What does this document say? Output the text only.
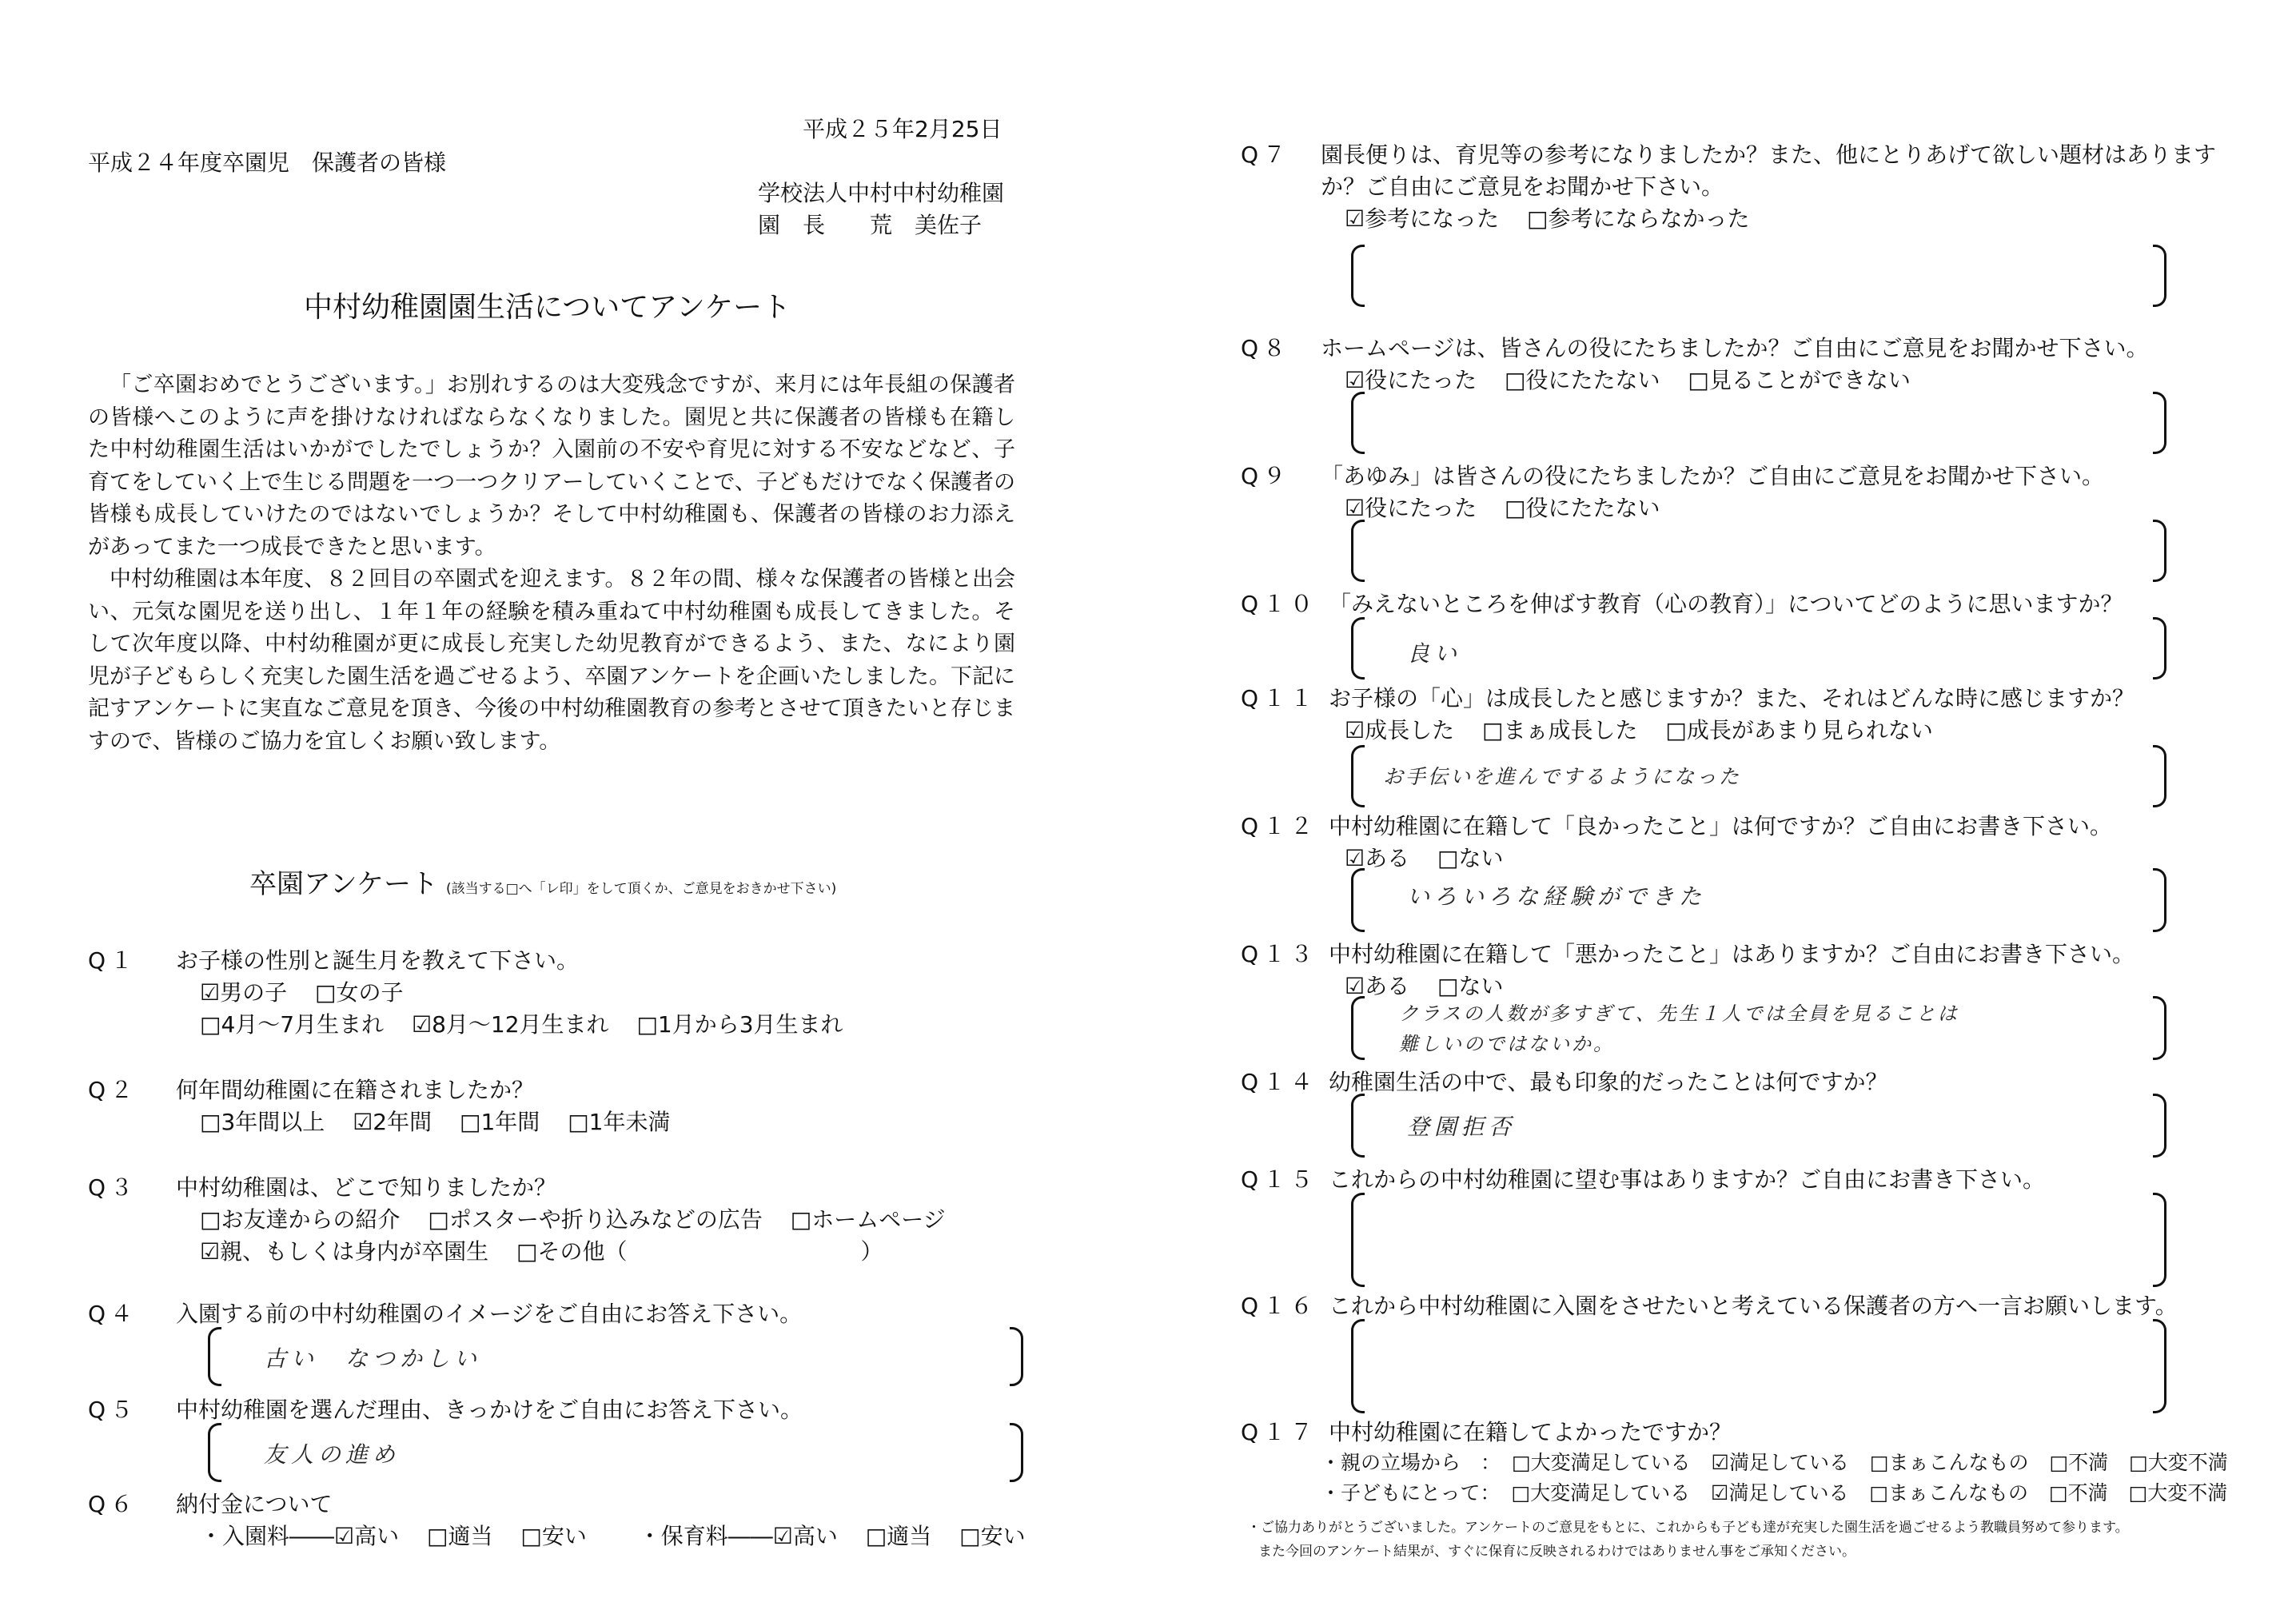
平成２５年2月25日
平成２４年度卒園児　保護者の皆様
学校法人中村中村幼稚園
園　長　　荒　美佐子
中村幼稚園園生活についてアンケート

「ご卒園おめでとうございます。」お別れするのは大変残念ですが、来月には年長組の保護者の皆様へこのように声を掛けなければならなくなりました。園児と共に保護者の皆様も在籍した中村幼稚園生活はいかがでしたでしょうか？入園前の不安や育児に対する不安などなど、子育てをしていく上で生じる問題を一つ一つクリアーしていくことで、子どもだけでなく保護者の皆様も成長していけたのではないでしょうか？そして中村幼稚園も、保護者の皆様のお力添えがあってまた一つ成長できたと思います。

中村幼稚園は本年度、８２回目の卒園式を迎えます。８２年の間、様々な保護者の皆様と出会い、元気な園児を送り出し、１年１年の経験を積み重ねて中村幼稚園も成長してきました。そして次年度以降、中村幼稚園が更に成長し充実した幼児教育ができるよう、また、なにより園児が子どもらしく充実した園生活を過ごせるよう、卒園アンケートを企画いたしました。下記に記すアンケートに実直なご意見を頂き、今後の中村幼稚園教育の参考とさせて頂きたいと存じますので、皆様のご協力を宜しくお願い致します。

卒園アンケート (該当する□へ「レ印」をして頂くか、ご意見をおきかせ下さい)
Q１ お子様の性別と誕生月を教えて下さい。
☑男の子 □女の子
□4月～7月生まれ ☑8月～12月生まれ □1月から3月生まれ
Q２ 何年間幼稚園に在籍されましたか？
□3年間以上 ☑2年間 □1年間 □1年未満
Q３ 中村幼稚園は、どこで知りましたか？
□お友達からの紹介 □ポスターや折り込みなどの広告 □ホームページ
☑親、もしくは身内が卒園生 □その他（	）
Q４ 入園する前の中村幼稚園のイメージをご自由にお答え下さい。
古い　なつかしい
Q５ 中村幼稚園を選んだ理由、きっかけをご自由にお答え下さい。
友人の進め
Q６ 納付金について
・入園料――☑高い □適当 □安い ・保育料――☑高い □適当 □安い
Q７ 園長便りは、育児等の参考になりましたか？また、他にとりあげて欲しい題材はあります
か？ご自由にご意見をお聞かせ下さい。
☑参考になった □参考にならなかった
Q８ ホームページは、皆さんの役にたちましたか？ご自由にご意見をお聞かせ下さい。
☑役にたった □役にたたない □見ることができない
Q９ 「あゆみ」は皆さんの役にたちましたか？ご自由にご意見をお聞かせ下さい。
☑役にたった □役にたたない
Q１０ 「みえないところを伸ばす教育（心の教育）」についてどのように思いますか？
良い
Q１１ お子様の「心」は成長したと感じますか？また、それはどんな時に感じますか？
☑成長した □まぁ成長した □成長があまり見られない
お手伝いを進んでするようになった
Q１２ 中村幼稚園に在籍して「良かったこと」は何ですか？ご自由にお書き下さい。
☑ある □ない
いろいろな経験ができた
Q１３ 中村幼稚園に在籍して「悪かったこと」はありますか？ご自由にお書き下さい。
☑ある □ない
クラスの人数が多すぎて、先生１人では全員を見ることは
難しいのではないか。
Q１４ 幼稚園生活の中で、最も印象的だったことは何ですか？
登園拒否
Q１５ これからの中村幼稚園に望む事はありますか？ご自由にお書き下さい。
Q１６ これから中村幼稚園に入園をさせたいと考えている保護者の方へ一言お願いします。
Q１７ 中村幼稚園に在籍してよかったですか？
・親の立場から　： □大変満足している ☑満足している □まぁこんなもの □不満 □大変不満
・子どもにとって： □大変満足している ☑満足している □まぁこんなもの □不満 □大変不満
・ご協力ありがとうございました。アンケートのご意見をもとに、これからも子ども達が充実した園生活を過ごせるよう教職員努めて参ります。
また今回のアンケート結果が、すぐに保育に反映されるわけではありません事をご承知ください。
